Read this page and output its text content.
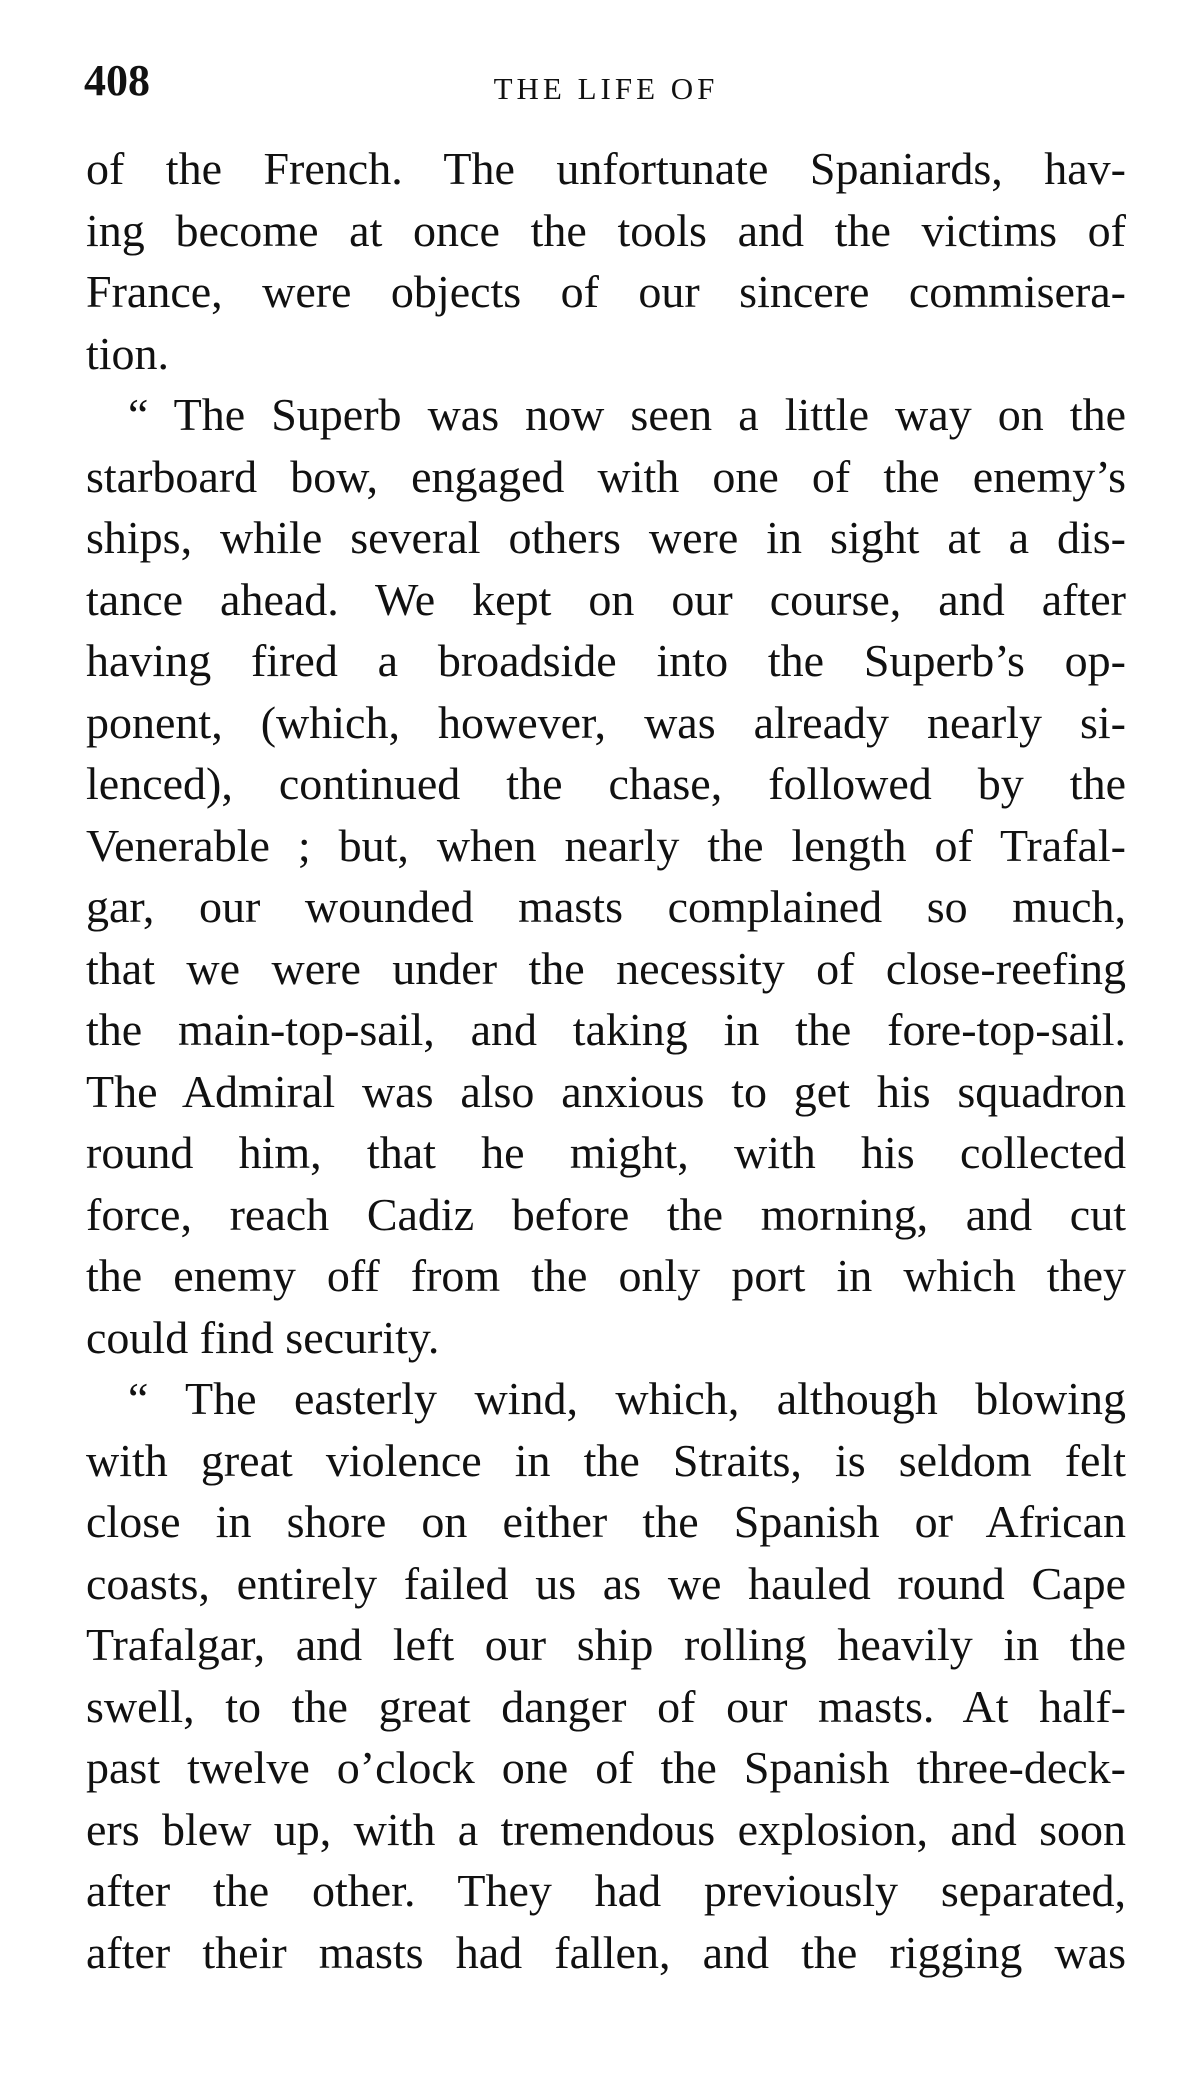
408	THE LIFE OF
of the French. The unfortunate Spaniards, hav-
ing become at once the tools and the victims of
France, were objects of our sincere commisera-
tion.
“ The Superb was now seen a little way on the
starboard bow, engaged with one of the enemy’s
ships, while several others were in sight at a dis-
tance ahead. We kept on our course, and after
having fired a broadside into the Superb’s op-
ponent, (which, however, was already nearly si-
lenced), continued the chase, followed by the
Venerable ; but, when nearly the length of Trafal-
gar, our wounded masts complained so much,
that we were under the necessity of close-reefing
the main-top-sail, and taking in the fore-top-sail.
The Admiral was also anxious to get his squadron
round him, that he might, with his collected
force, reach Cadiz before the morning, and cut
the enemy off from the only port in which they
could find security.
“ The easterly wind, which, although blowing
with great violence in the Straits, is seldom felt
close in shore on either the Spanish or African
coasts, entirely failed us as we hauled round Cape
Trafalgar, and left our ship rolling heavily in the
swell, to the great danger of our masts. At half-
past twelve o’clock one of the Spanish three-deck-
ers blew up, with a tremendous explosion, and soon
after the other. They had previously separated,
after their masts had fallen, and the rigging was
